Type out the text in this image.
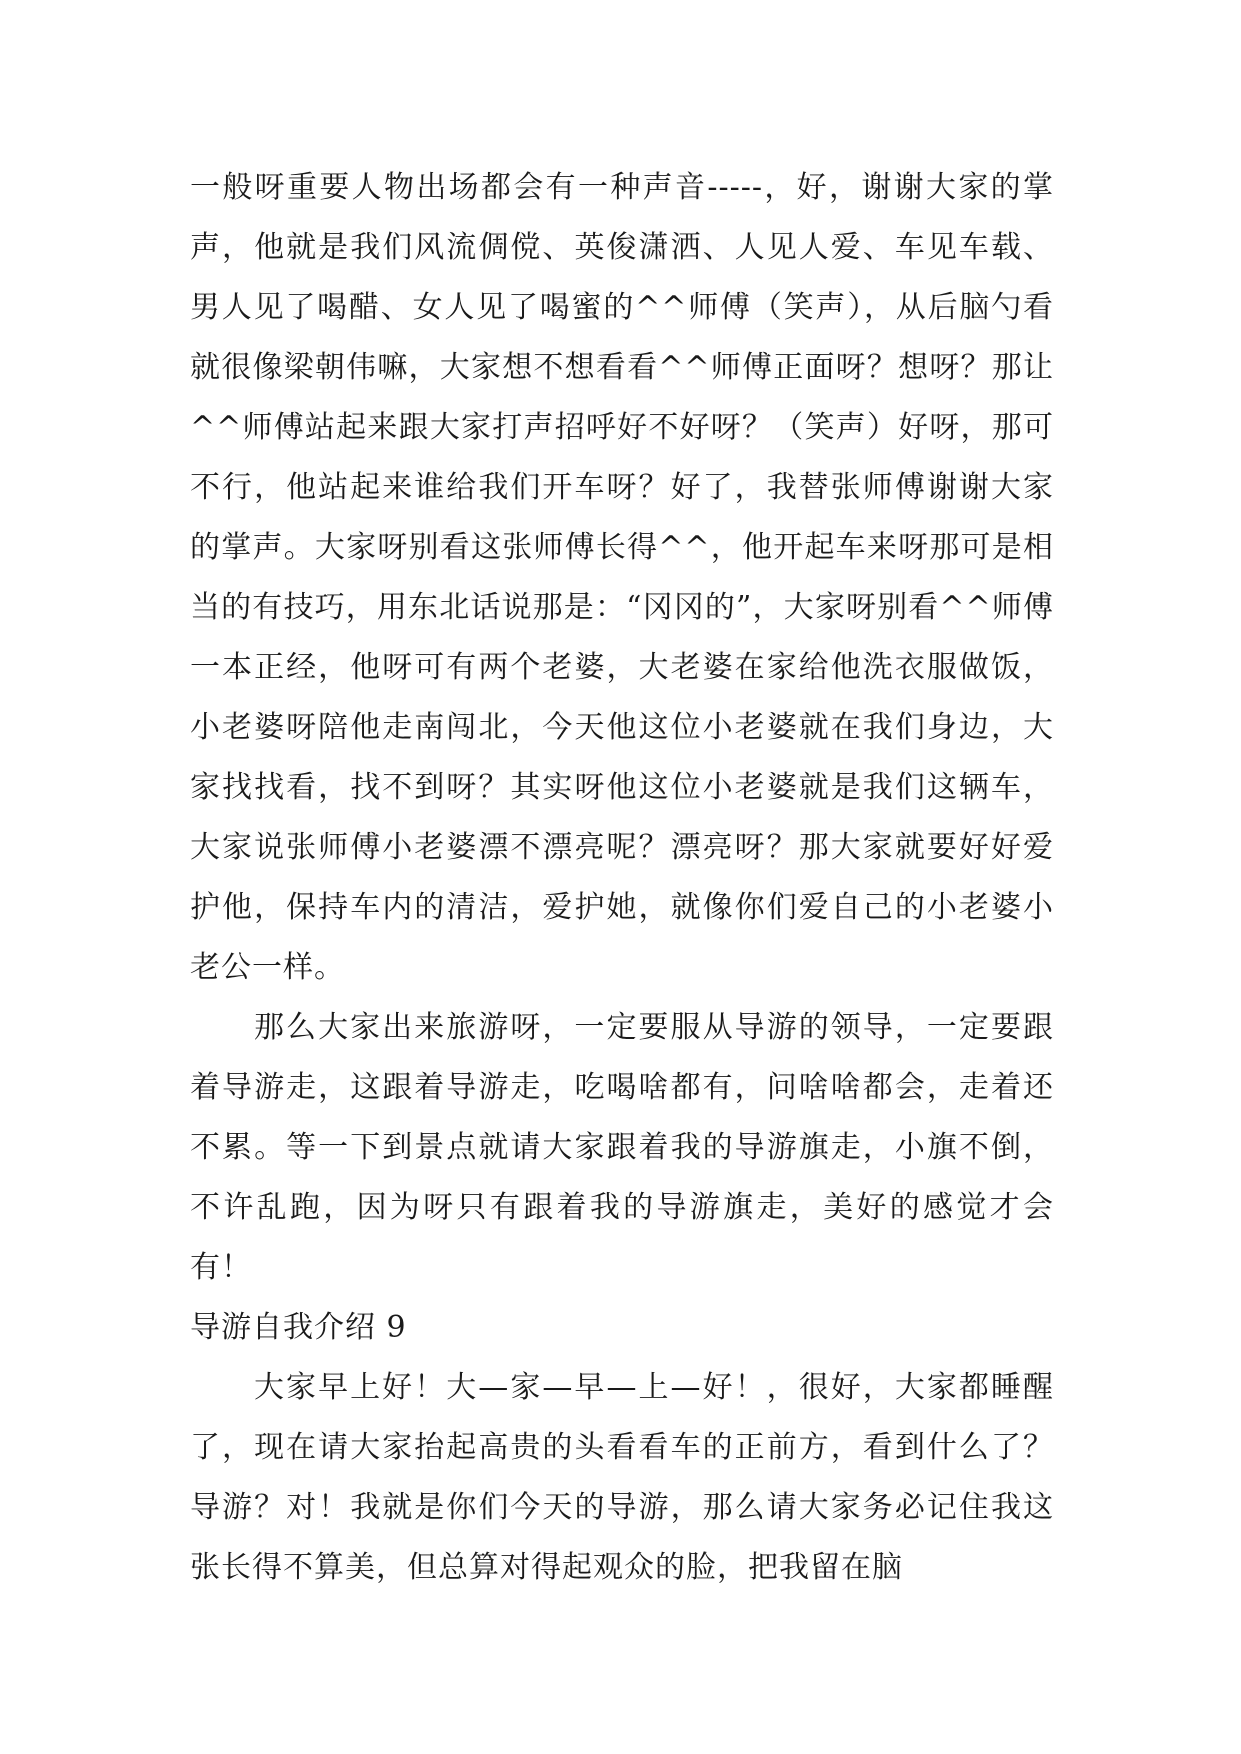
一般呀重要人物出场都会有一种声音-----，好，谢谢大家的掌声，他就是我们风流倜傥、英俊潇洒、人见人爱、车见车载、男人见了喝醋、女人见了喝蜜的^^师傅（笑声），从后脑勺看就很像梁朝伟嘛，大家想不想看看^^师傅正面呀？想呀？那让^^师傅站起来跟大家打声招呼好不好呀？（笑声）好呀，那可不行，他站起来谁给我们开车呀？好了，我替张师傅谢谢大家的掌声。大家呀别看这张师傅长得^^，他开起车来呀那可是相当的有技巧，用东北话说那是：“冈冈的”，大家呀别看^^师傅一本正经，他呀可有两个老婆，大老婆在家给他洗衣服做饭，小老婆呀陪他走南闯北，今天他这位小老婆就在我们身边，大家找找看，找不到呀？其实呀他这位小老婆就是我们这辆车，大家说张师傅小老婆漂不漂亮呢？漂亮呀？那大家就要好好爱护他，保持车内的清洁，爱护她，就像你们爱自己的小老婆小老公一样。

那么大家出来旅游呀，一定要服从导游的领导，一定要跟着导游走，这跟着导游走，吃喝啥都有，问啥啥都会，走着还不累。等一下到景点就请大家跟着我的导游旗走，小旗不倒，不许乱跑，因为呀只有跟着我的导游旗走，美好的感觉才会有！

导游自我介绍 9

大家早上好！大—家—早—上—好！，很好，大家都睡醒了，现在请大家抬起高贵的头看看车的正前方，看到什么了？导游？对！我就是你们今天的导游，那么请大家务必记住我这张长得不算美，但总算对得起观众的脸，把我留在脑
